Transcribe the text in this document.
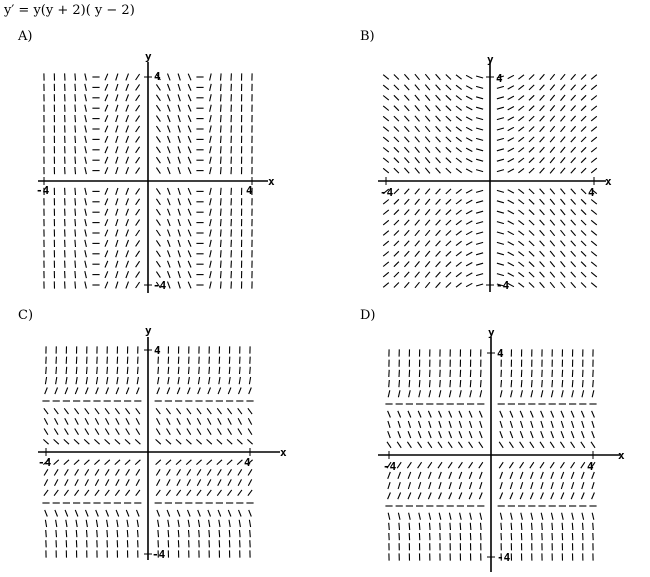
y′ = y(y + 2)( y − 2)
A)	B)
C)	D)
x
y
4
-4	4
-4
x
y
4
-4	4
-4
x
y
4
-4	4
-4
x
y
4
-4	4
-4
